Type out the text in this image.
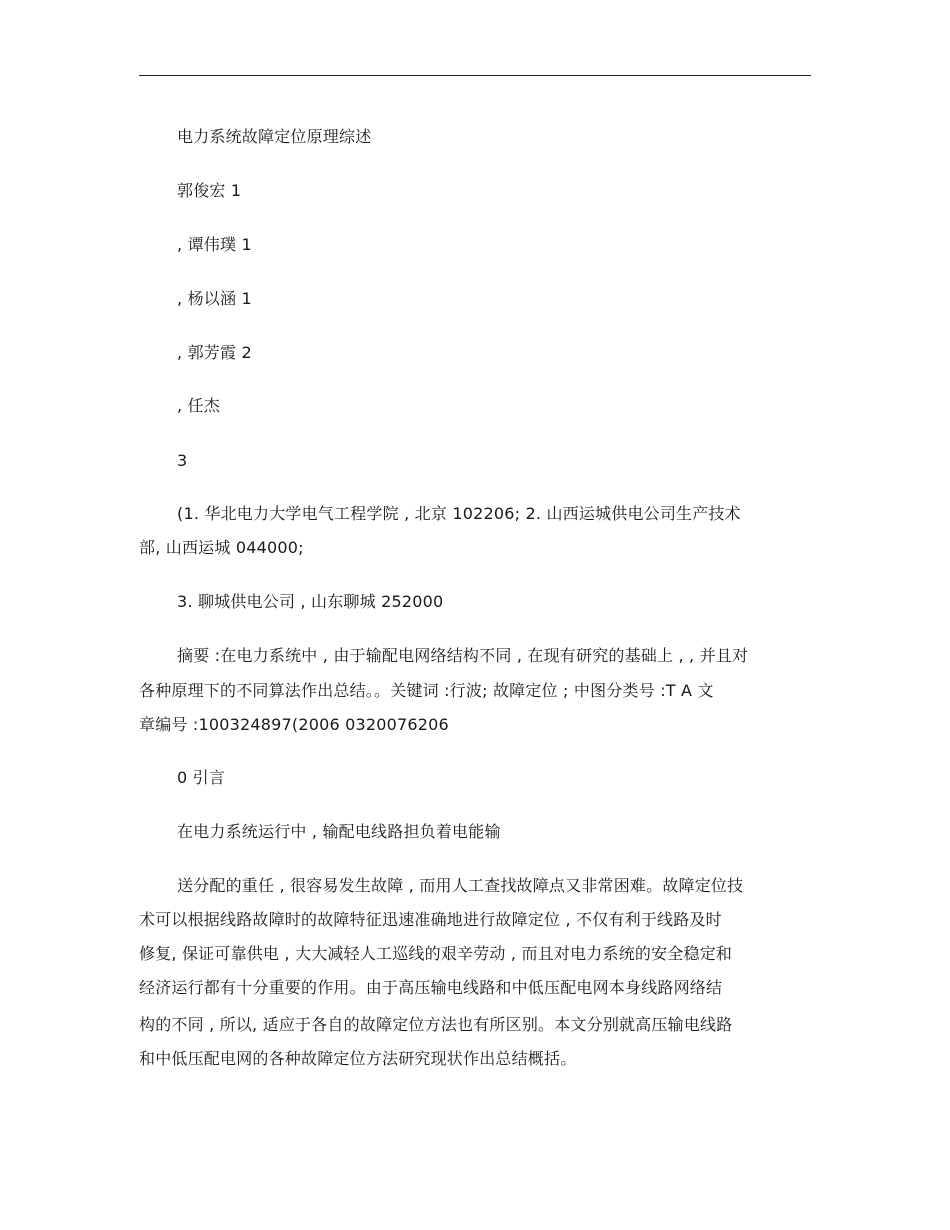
电力系统故障定位原理综述
郭俊宏 1
, 谭伟璞 1
, 杨以涵 1
, 郭芳霞 2
, 任杰
3
(1. 华北电力大学电气工程学院 , 北京 102206; 2. 山西运城供电公司生产技术
部, 山西运城 044000;
3. 聊城供电公司 , 山东聊城 252000
摘要 :在电力系统中 , 由于输配电网络结构不同 , 在现有研究的基础上 , , 并且对
各种原理下的不同算法作出总结。。关键词 :行波; 故障定位 ; 中图分类号 :T A 文
章编号 :100324897(2006 0320076206
0 引言
在电力系统运行中 , 输配电线路担负着电能输
送分配的重任 , 很容易发生故障 , 而用人工查找故障点又非常困难。故障定位技
术可以根据线路故障时的故障特征迅速准确地进行故障定位 , 不仅有利于线路及时
修复, 保证可靠供电 , 大大减轻人工巡线的艰辛劳动 , 而且对电力系统的安全稳定和
经济运行都有十分重要的作用。由于高压输电线路和中低压配电网本身线路网络结
构的不同 , 所以, 适应于各自的故障定位方法也有所区别。本文分别就高压输电线路
和中低压配电网的各种故障定位方法研究现状作出总结概括。
